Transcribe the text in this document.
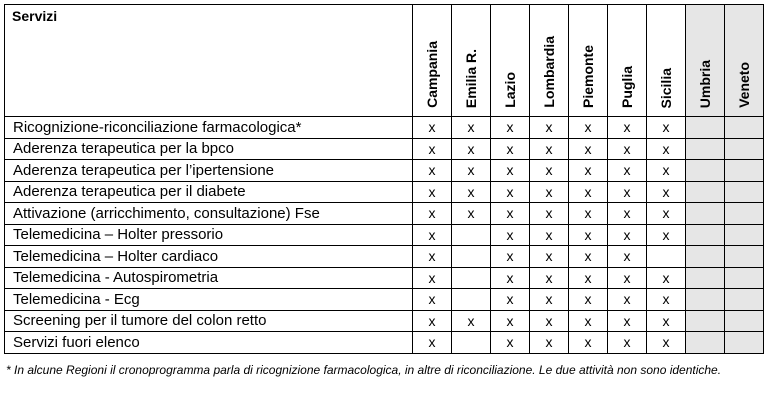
Servizi	Campania	Emilia R.	Lazio	Lombardia	Piemonte	Puglia	Sicilia	Umbria	Veneto

Ricognizione-riconciliazione farmacologica*	x	x	x	x	x	x	x		
Aderenza terapeutica per la bpco	x	x	x	x	x	x	x		
Aderenza terapeutica per l’ipertensione	x	x	x	x	x	x	x		
Aderenza terapeutica per il diabete	x	x	x	x	x	x	x		
Attivazione (arricchimento, consultazione) Fse	x	x	x	x	x	x	x		
Telemedicina – Holter pressorio	x		x	x	x	x	x		
Telemedicina – Holter cardiaco	x		x	x	x	x			
Telemedicina - Autospirometria	x		x	x	x	x	x		
Telemedicina - Ecg	x		x	x	x	x	x		
Screening per il tumore del colon retto	x	x	x	x	x	x	x		
Servizi fuori elenco	x		x	x	x	x	x		
* In alcune Regioni il cronoprogramma parla di ricognizione farmacologica, in altre di riconciliazione. Le due attività non sono identiche.
